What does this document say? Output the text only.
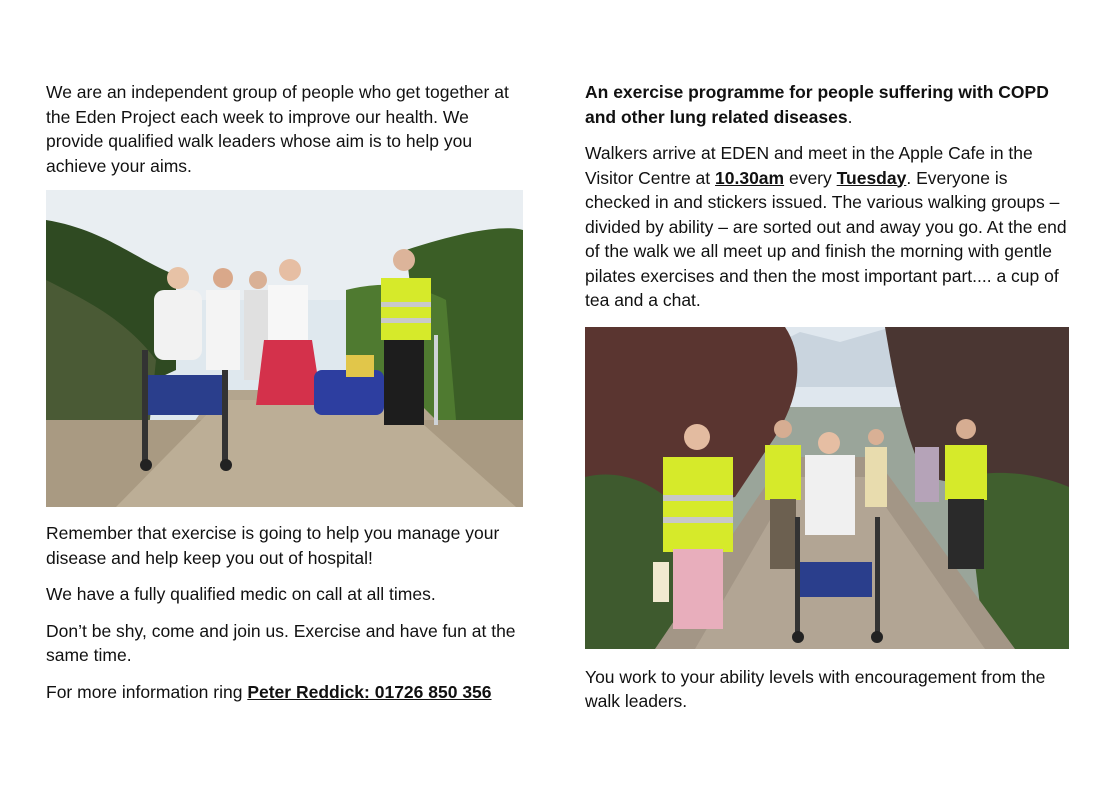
We are an independent group of people who get together at the Eden Project each week to improve our health. We provide qualified walk leaders whose aim is to help you achieve your aims.

Remember that exercise is going to help you manage your disease and help keep you out of hospital!

We have a fully qualified medic on call at all times.

Don’t be shy, come and join us. Exercise and have fun at the same time.

For more information ring Peter Reddick: 01726 850 356

An exercise programme for people suffering with COPD and other lung related diseases.

Walkers arrive at EDEN and meet in the Apple Cafe in the Visitor Centre at 10.30am every Tuesday. Everyone is checked in and stickers issued. The various walking groups – divided by ability – are sorted out and away you go. At the end of the walk we all meet up and finish the morning with gentle pilates exercises and then the most important part.... a cup of tea and a chat.

You work to your ability levels with encouragement from the walk leaders.
